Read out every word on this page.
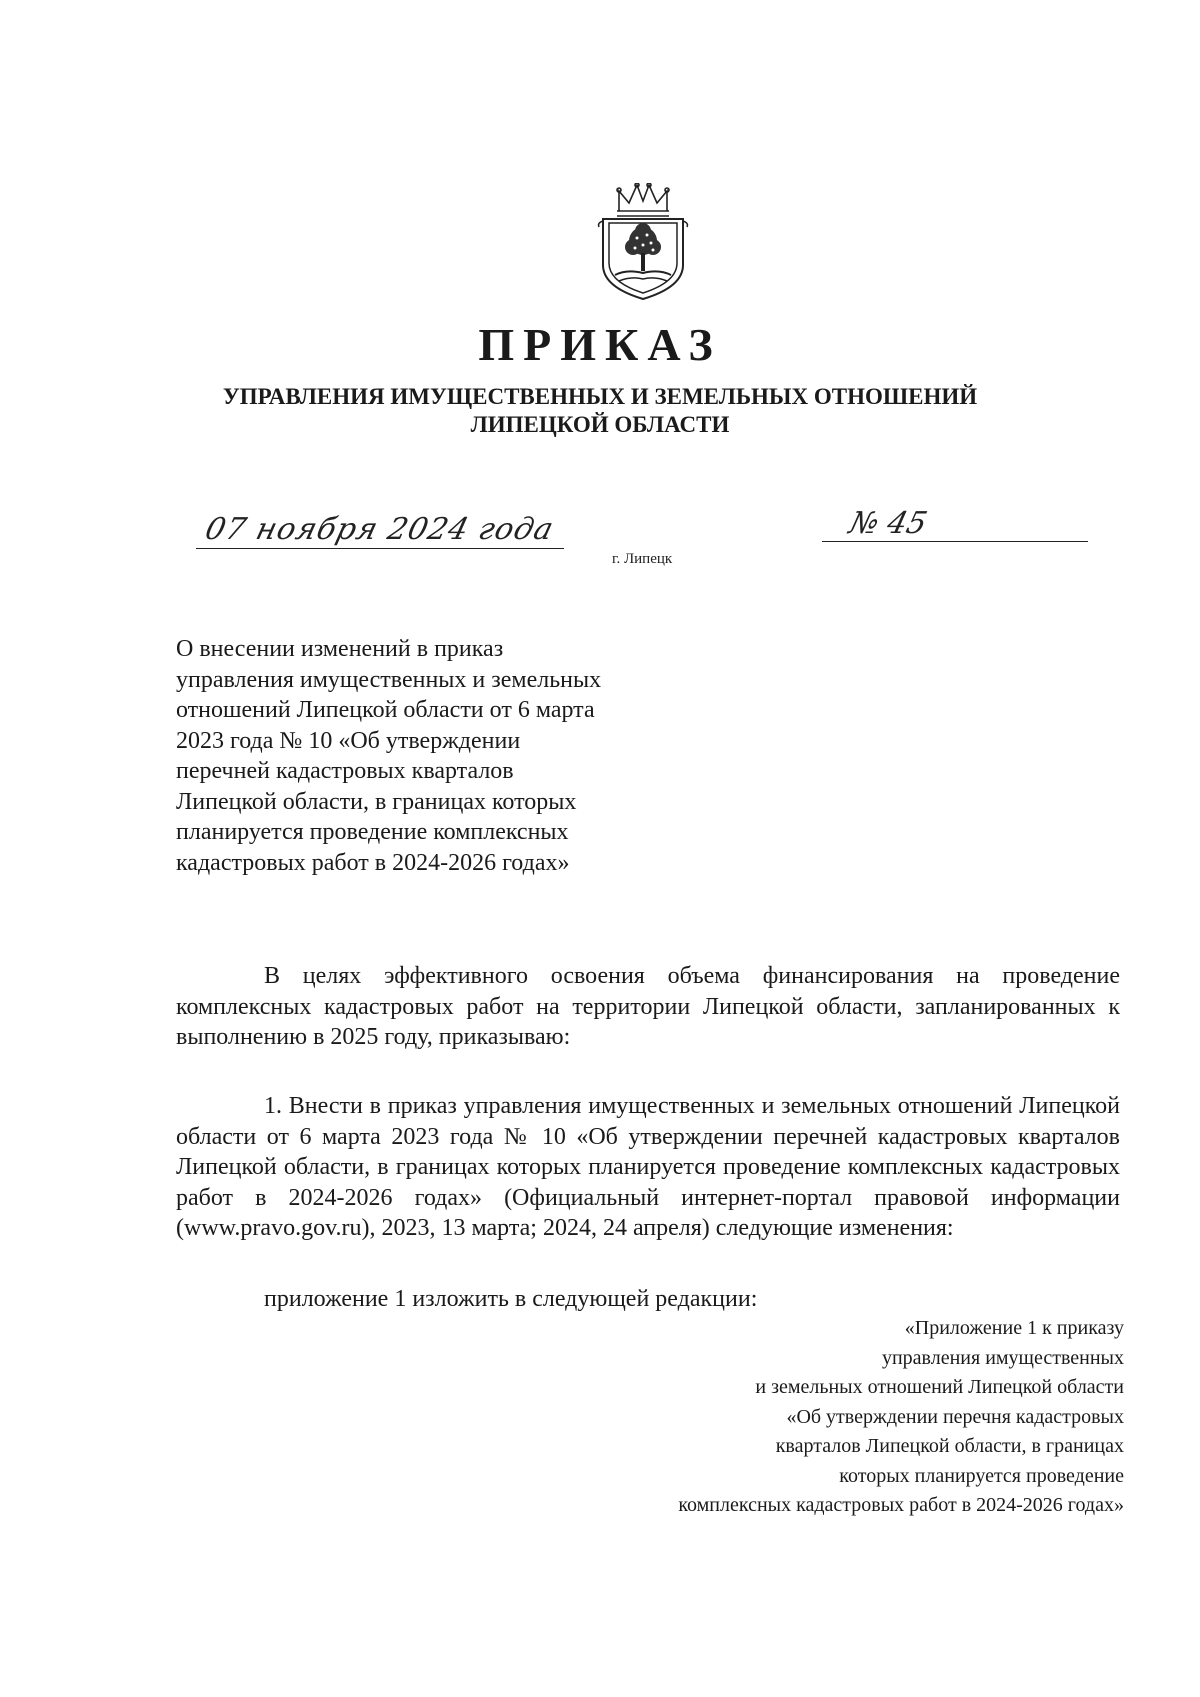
ПРИКАЗ
УПРАВЛЕНИЯ ИМУЩЕСТВЕННЫХ И ЗЕМЕЛЬНЫХ ОТНОШЕНИЙ
ЛИПЕЦКОЙ ОБЛАСТИ
07 ноября 2024 года
г. Липецк
№ 45
О внесении изменений в приказ
управления имущественных и земельных
отношений Липецкой области от 6 марта
2023 года № 10 «Об утверждении
перечней кадастровых кварталов
Липецкой области, в границах которых
планируется проведение комплексных
кадастровых работ в 2024-2026 годах»
В целях эффективного освоения объема финансирования на проведение комплексных кадастровых работ на территории Липецкой области, запланированных к выполнению в 2025 году, приказываю:
1. Внести в приказ управления имущественных и земельных отношений Липецкой области от 6 марта 2023 года № 10 «Об утверждении перечней кадастровых кварталов Липецкой области, в границах которых планируется проведение комплексных кадастровых работ в 2024-2026 годах» (Официальный интернет-портал правовой информации (www.pravo.gov.ru), 2023, 13 марта; 2024, 24 апреля) следующие изменения:
приложение 1 изложить в следующей редакции:
«Приложение 1 к приказу
управления имущественных
и земельных отношений Липецкой области
«Об утверждении перечня кадастровых
кварталов Липецкой области, в границах
которых планируется проведение
комплексных кадастровых работ в 2024-2026 годах»
